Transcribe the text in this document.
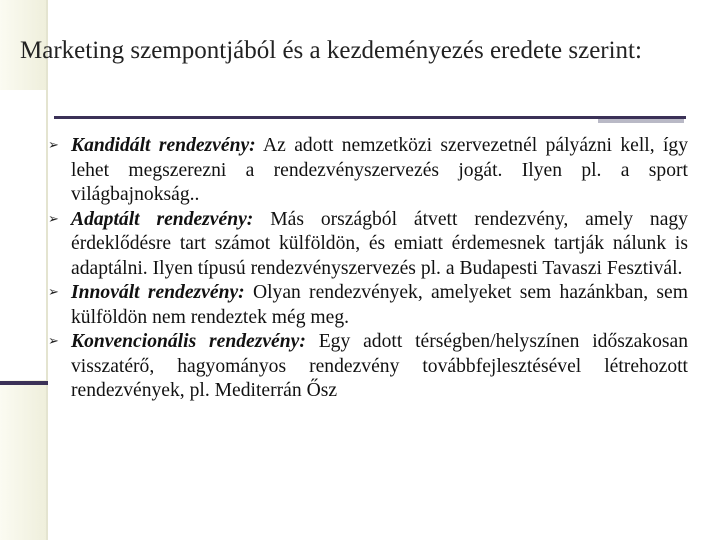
Marketing szempontjából és a kezdeményezés eredete szerint:
➢ Kandidált rendezvény: Az adott nemzetközi szervezetnél pályázni kell, így lehet megszerezni a rendezvényszervezés jogát. Ilyen pl. a sport világbajnokság..
➢ Adaptált rendezvény: Más országból átvett rendezvény, amely nagy érdeklődésre tart számot külföldön, és emiatt érdemesnek tartják nálunk is adaptálni. Ilyen típusú rendezvényszervezés pl. a Budapesti Tavaszi Fesztivál.
➢ Innovált rendezvény: Olyan rendezvények, amelyeket sem hazánkban, sem külföldön nem rendeztek még meg.
➢ Konvencionális rendezvény: Egy adott térségben/helyszínen időszakosan visszatérő, hagyományos rendezvény továbbfejlesztésével létrehozott rendezvények, pl. Mediterrán Ősz
